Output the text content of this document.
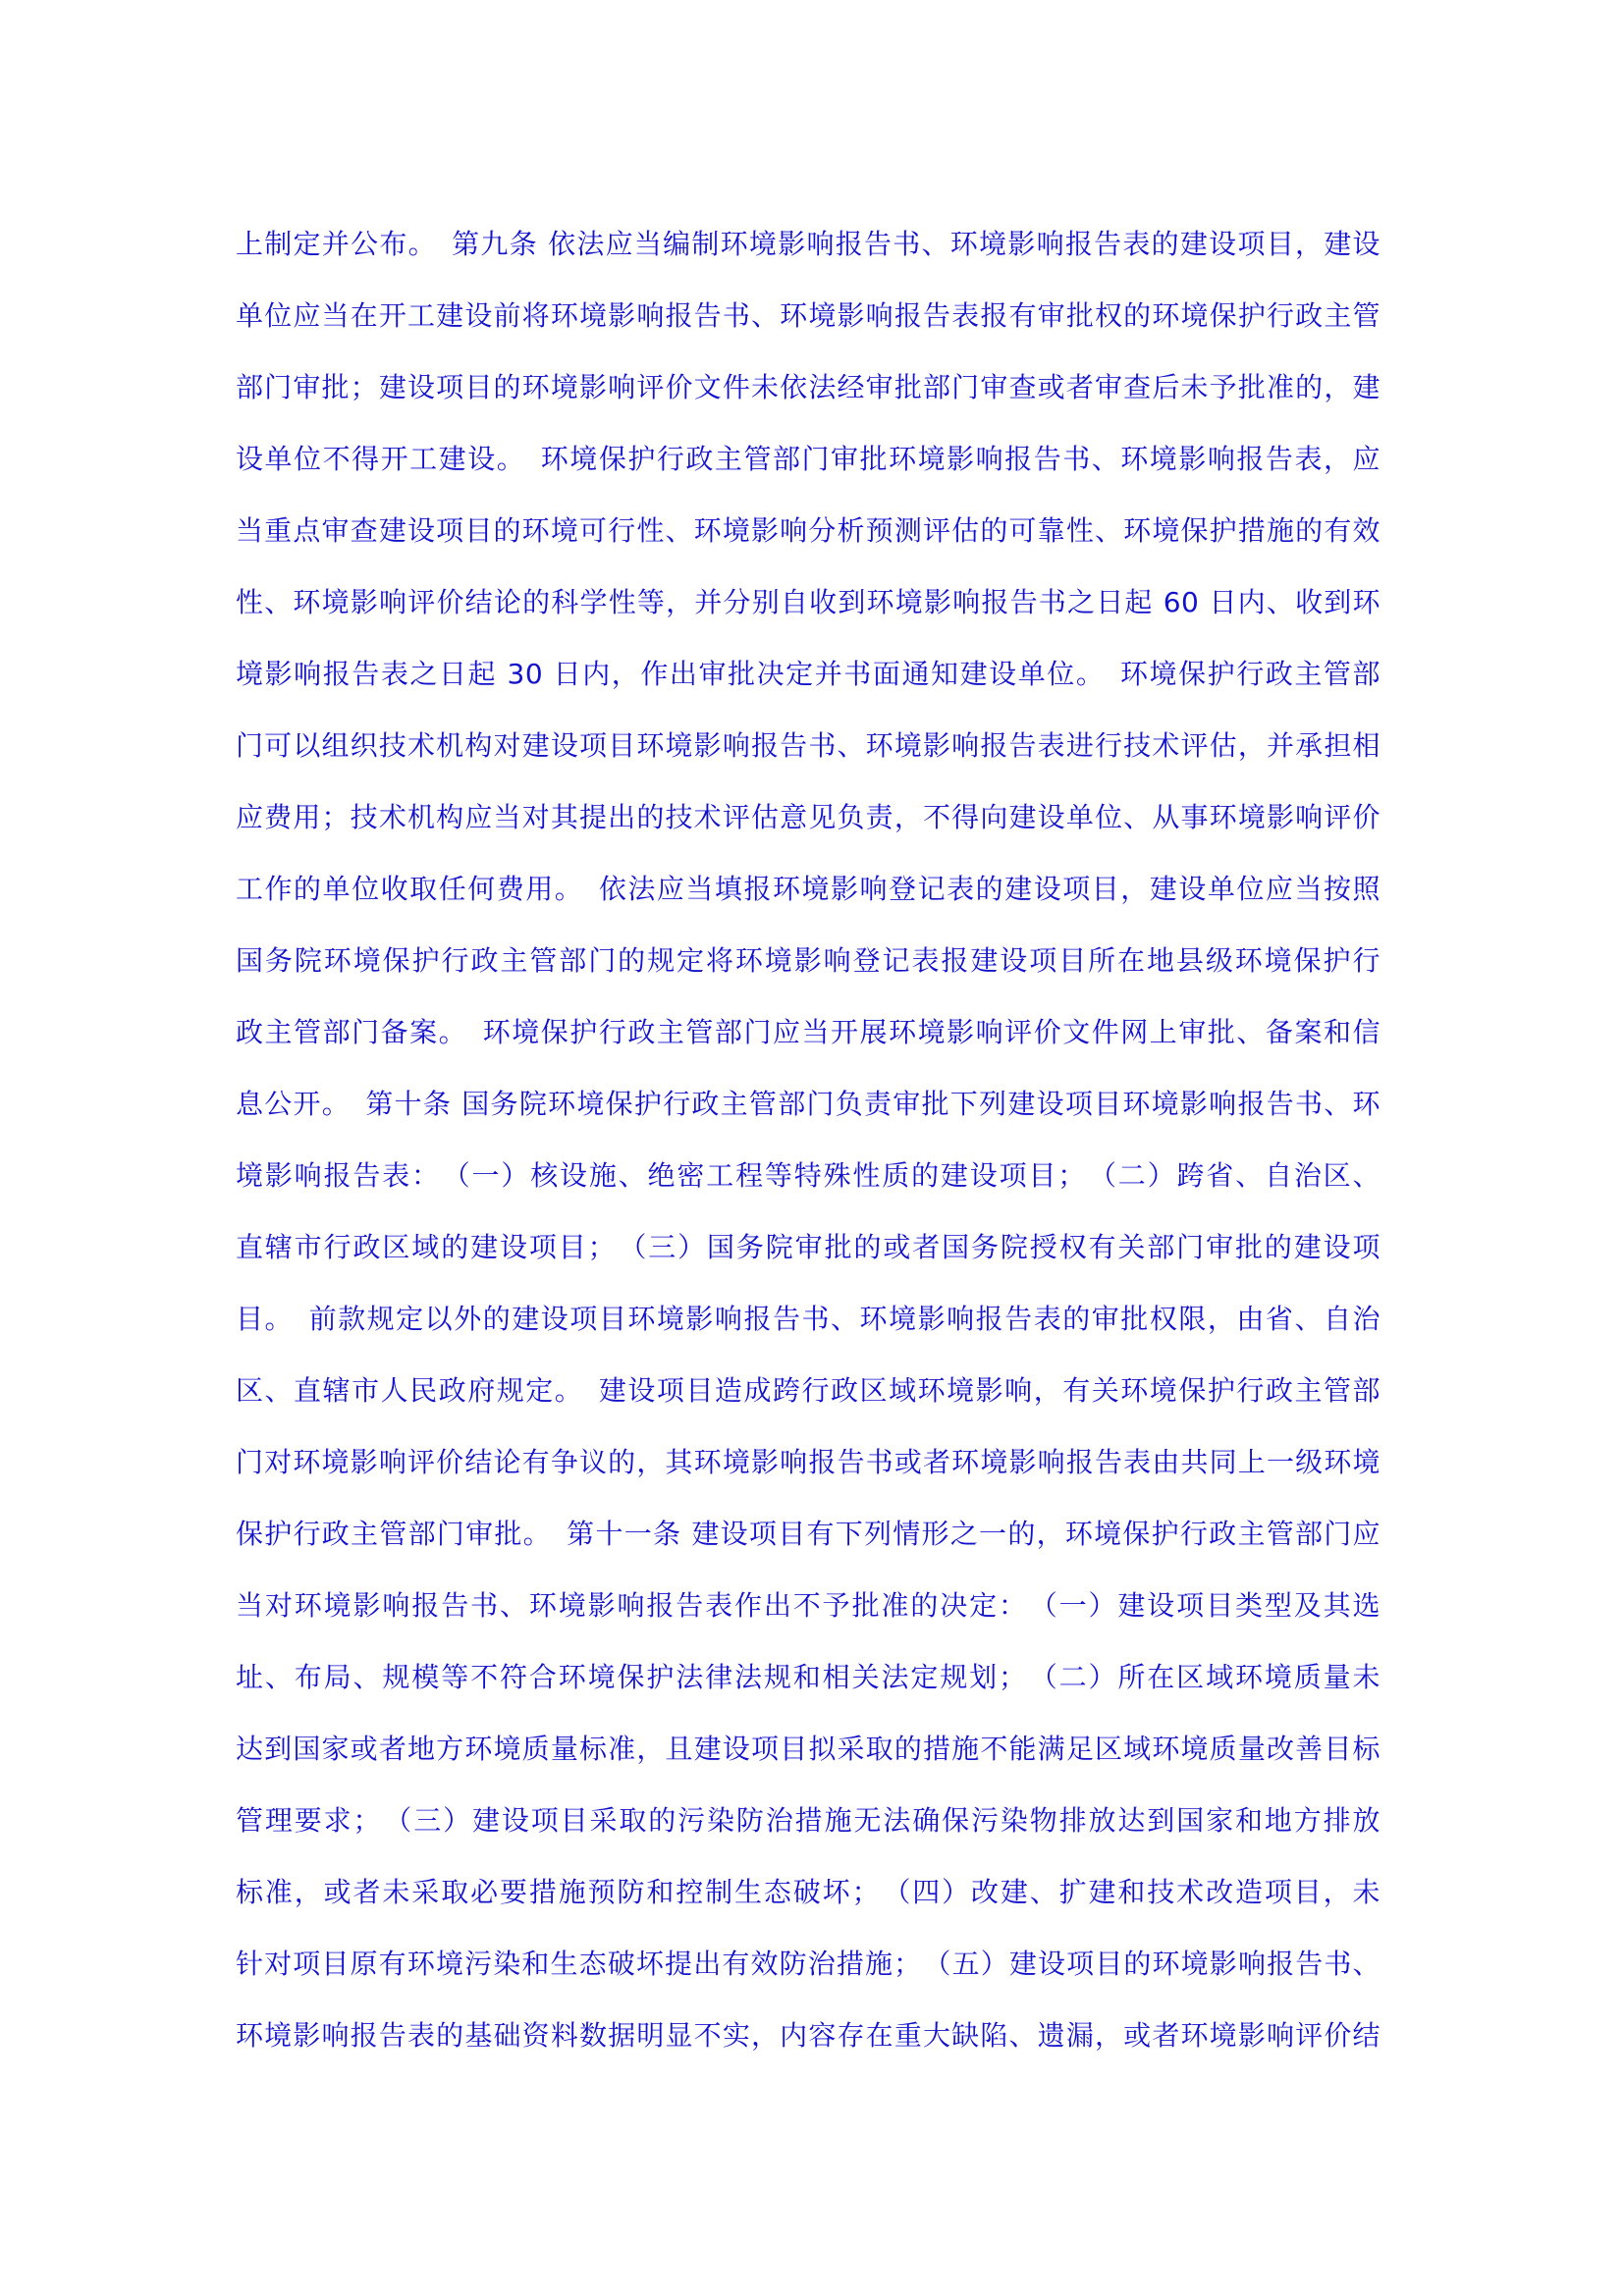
上制定并公布。　第九条 依法应当编制环境影响报告书、环境影响报告表的建设项目，建设
单位应当在开工建设前将环境影响报告书、环境影响报告表报有审批权的环境保护行政主管
部门审批；建设项目的环境影响评价文件未依法经审批部门审查或者审查后未予批准的，建
设单位不得开工建设。　环境保护行政主管部门审批环境影响报告书、环境影响报告表，应
当重点审查建设项目的环境可行性、环境影响分析预测评估的可靠性、环境保护措施的有效
性、环境影响评价结论的科学性等，并分别自收到环境影响报告书之日起 60 日内、收到环
境影响报告表之日起 30 日内，作出审批决定并书面通知建设单位。　环境保护行政主管部
门可以组织技术机构对建设项目环境影响报告书、环境影响报告表进行技术评估，并承担相
应费用；技术机构应当对其提出的技术评估意见负责，不得向建设单位、从事环境影响评价
工作的单位收取任何费用。　依法应当填报环境影响登记表的建设项目，建设单位应当按照
国务院环境保护行政主管部门的规定将环境影响登记表报建设项目所在地县级环境保护行
政主管部门备案。　环境保护行政主管部门应当开展环境影响评价文件网上审批、备案和信
息公开。　第十条 国务院环境保护行政主管部门负责审批下列建设项目环境影响报告书、环
境影响报告表：　（一）核设施、绝密工程等特殊性质的建设项目；　（二）跨省、自治区、
直辖市行政区域的建设项目；　（三）国务院审批的或者国务院授权有关部门审批的建设项
目。　前款规定以外的建设项目环境影响报告书、环境影响报告表的审批权限，由省、自治
区、直辖市人民政府规定。　建设项目造成跨行政区域环境影响，有关环境保护行政主管部
门对环境影响评价结论有争议的，其环境影响报告书或者环境影响报告表由共同上一级环境
保护行政主管部门审批。　第十一条 建设项目有下列情形之一的，环境保护行政主管部门应
当对环境影响报告书、环境影响报告表作出不予批准的决定：　（一）建设项目类型及其选
址、布局、规模等不符合环境保护法律法规和相关法定规划；　（二）所在区域环境质量未
达到国家或者地方环境质量标准，且建设项目拟采取的措施不能满足区域环境质量改善目标
管理要求；　（三）建设项目采取的污染防治措施无法确保污染物排放达到国家和地方排放
标准，或者未采取必要措施预防和控制生态破坏；　（四）改建、扩建和技术改造项目，未
针对项目原有环境污染和生态破坏提出有效防治措施；　（五）建设项目的环境影响报告书、
环境影响报告表的基础资料数据明显不实，内容存在重大缺陷、遗漏，或者环境影响评价结
